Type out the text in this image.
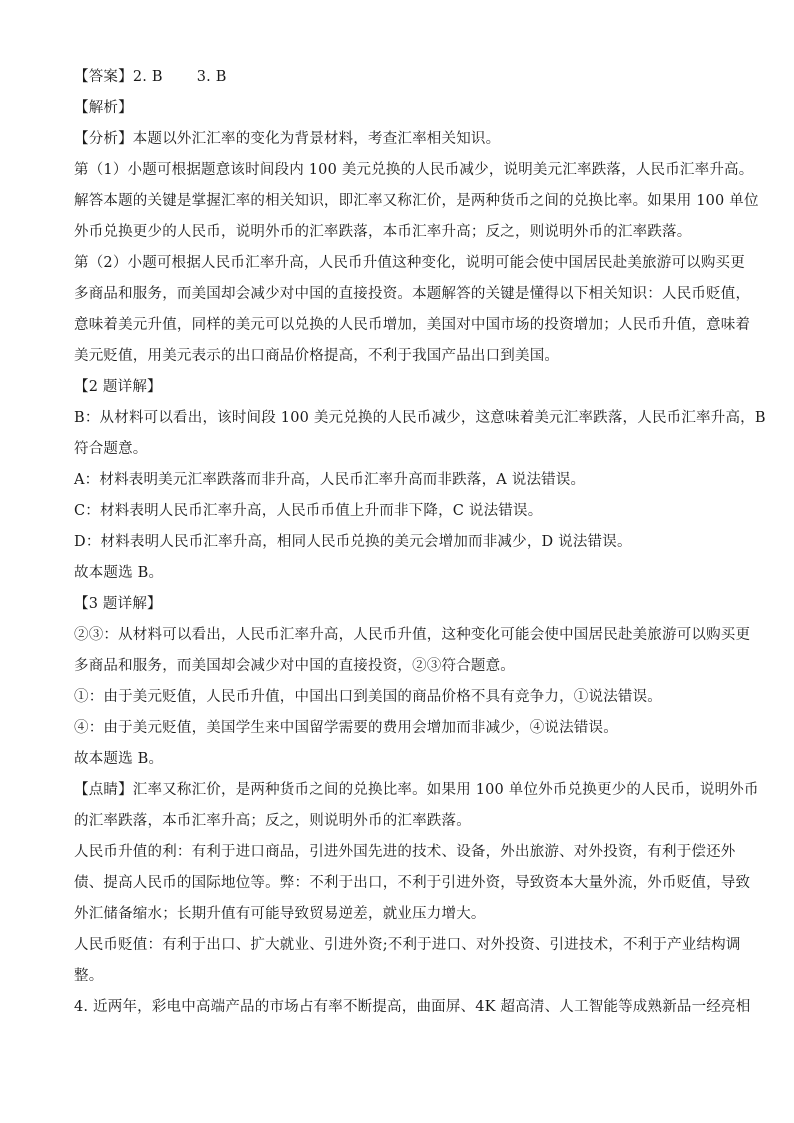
【答案】2. B 3. B
【解析】
【分析】本题以外汇汇率的变化为背景材料，考查汇率相关知识。
第（1）小题可根据题意该时间段内 100 美元兑换的人民币减少，说明美元汇率跌落，人民币汇率升高。
解答本题的关键是掌握汇率的相关知识，即汇率又称汇价，是两种货币之间的兑换比率。如果用 100 单位
外币兑换更少的人民币，说明外币的汇率跌落，本币汇率升高；反之，则说明外币的汇率跌落。
第（2）小题可根据人民币汇率升高，人民币升值这种变化，说明可能会使中国居民赴美旅游可以购买更
多商品和服务，而美国却会减少对中国的直接投资。本题解答的关键是懂得以下相关知识：人民币贬值，
意味着美元升值，同样的美元可以兑换的人民币增加，美国对中国市场的投资增加；人民币升值，意味着
美元贬值，用美元表示的出口商品价格提高，不利于我国产品出口到美国。
【2 题详解】
B：从材料可以看出，该时间段 100 美元兑换的人民币减少，这意味着美元汇率跌落，人民币汇率升高，B
符合题意。
A：材料表明美元汇率跌落而非升高，人民币汇率升高而非跌落，A 说法错误。
C：材料表明人民币汇率升高，人民币币值上升而非下降，C 说法错误。
D：材料表明人民币汇率升高，相同人民币兑换的美元会增加而非减少，D 说法错误。
故本题选 B。
【3 题详解】
②③：从材料可以看出，人民币汇率升高，人民币升值，这种变化可能会使中国居民赴美旅游可以购买更
多商品和服务，而美国却会减少对中国的直接投资，②③符合题意。
①：由于美元贬值，人民币升值，中国出口到美国的商品价格不具有竞争力，①说法错误。
④：由于美元贬值，美国学生来中国留学需要的费用会增加而非减少，④说法错误。
故本题选 B。
【点睛】汇率又称汇价，是两种货币之间的兑换比率。如果用 100 单位外币兑换更少的人民币，说明外币
的汇率跌落，本币汇率升高；反之，则说明外币的汇率跌落。
人民币升值的利：有利于进口商品，引进外国先进的技术、设备，外出旅游、对外投资，有利于偿还外
债、提高人民币的国际地位等。弊：不利于出口，不利于引进外资，导致资本大量外流，外币贬值，导致
外汇储备缩水；长期升值有可能导致贸易逆差，就业压力增大。
人民币贬值：有利于出口、扩大就业、引进外资;不利于进口、对外投资、引进技术，不利于产业结构调
整。
4. 近两年，彩电中高端产品的市场占有率不断提高，曲面屏、4K 超高清、人工智能等成熟新品一经亮相
